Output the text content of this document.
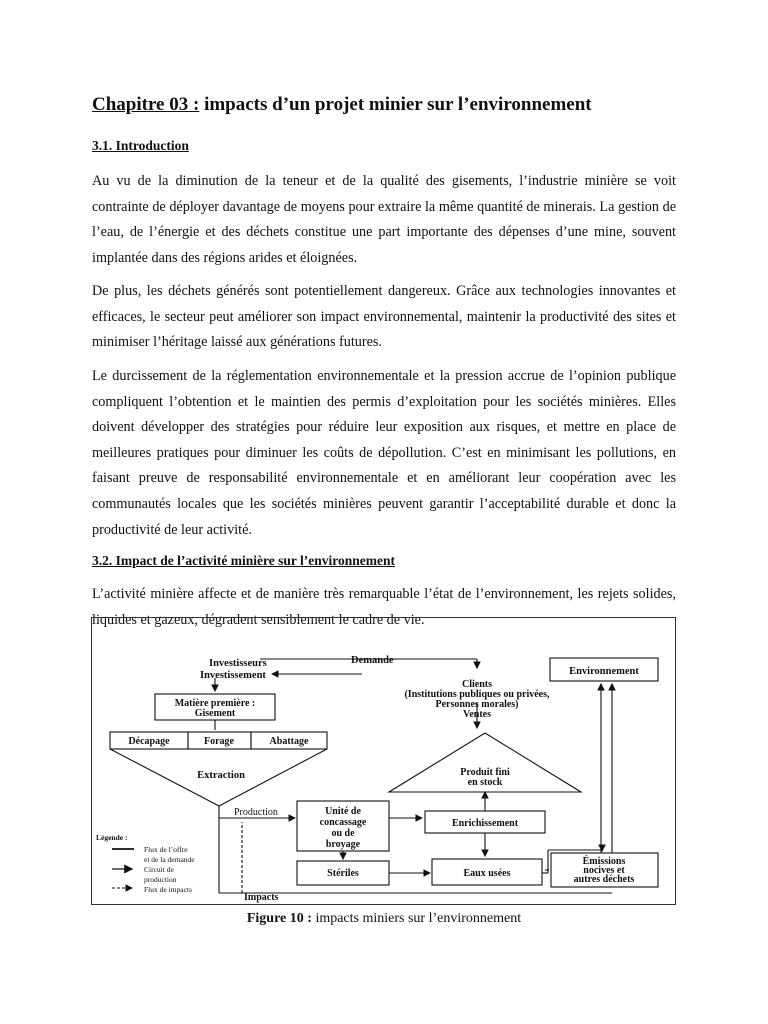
Chapitre 03 : impacts d’un projet minier sur l’environnement
3.1. Introduction
Au vu de la diminution de la teneur et de la qualité des gisements, l’industrie minière se voit contrainte de déployer davantage de moyens pour extraire la même quantité de minerais. La gestion de l’eau, de l’énergie et des déchets constitue une part importante des dépenses d’une mine, souvent implantée dans des régions arides et éloignées.
De plus, les déchets générés sont potentiellement dangereux. Grâce aux technologies innovantes et efficaces, le secteur peut améliorer son impact environnemental, maintenir la productivité des sites et minimiser l’héritage laissé aux générations futures.
Le durcissement de la réglementation environnementale et la pression accrue de l’opinion publique compliquent l’obtention et le maintien des permis d’exploitation pour les sociétés minières. Elles doivent développer des stratégies pour réduire leur exposition aux risques, et mettre en place de meilleures pratiques pour diminuer les coûts de dépollution. C’est en minimisant les pollutions, en faisant preuve de responsabilité environnementale et en améliorant leur coopération avec les communautés locales que les sociétés minières peuvent garantir l’acceptabilité durable et donc la productivité de leur activité.
3.2. Impact de l’activité minière sur l’environnement
L’activité minière affecte et de manière très remarquable l’état de l’environnement, les rejets solides, liquides et gazeux, dégradent sensiblement le cadre de vie.
Investisseurs
Investissement
Demande
Environnement
Clients
(Institutions publiques ou privées,
Personnes morales)
Ventes
Matière première :
Gisement
Décapage	Forage	Abattage
Extraction	Produit fini
en stock
Production	Unité de
concassage
ou de
broyage
Enrichissement
Stériles	Eaux usées
Émissions
nocives et
autres déchets
Impacts
Légende :
Flux de l’offre
et de la demande
Circuit de
production
Flux de impacts
Figure 10 : impacts miniers sur l’environnement
